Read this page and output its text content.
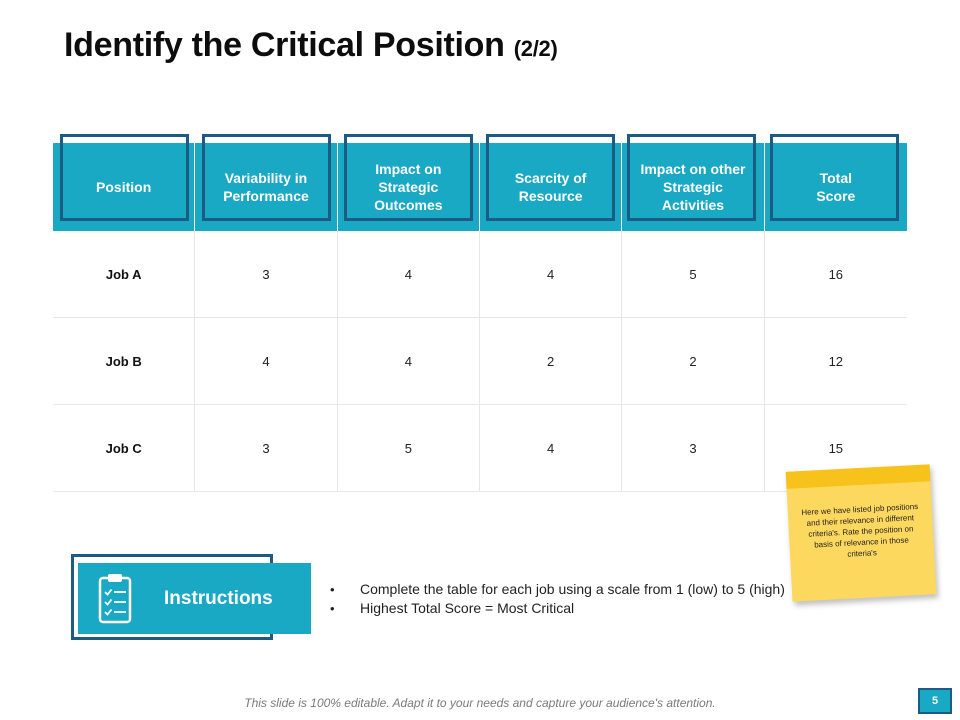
Identify the Critical Position (2/2)
Position
Variability in
Performance
Impact on
Strategic
Outcomes
Scarcity of
Resource
Impact on other
Strategic
Activities
Total
Score
Job A	3	4	4	5	16
Job B	4	4	2	2	12
Job C	3	5	4	3	15
Instructions
•	Complete the table for each job using a scale from 1 (low) to 5 (high)
• Highest Total Score = Most Critical
Here we have listed job positions and their relevance in different criteria's. Rate the position on basis of relevance in those criteria's
This slide is 100% editable. Adapt it to your needs and capture your audience's attention.	5
